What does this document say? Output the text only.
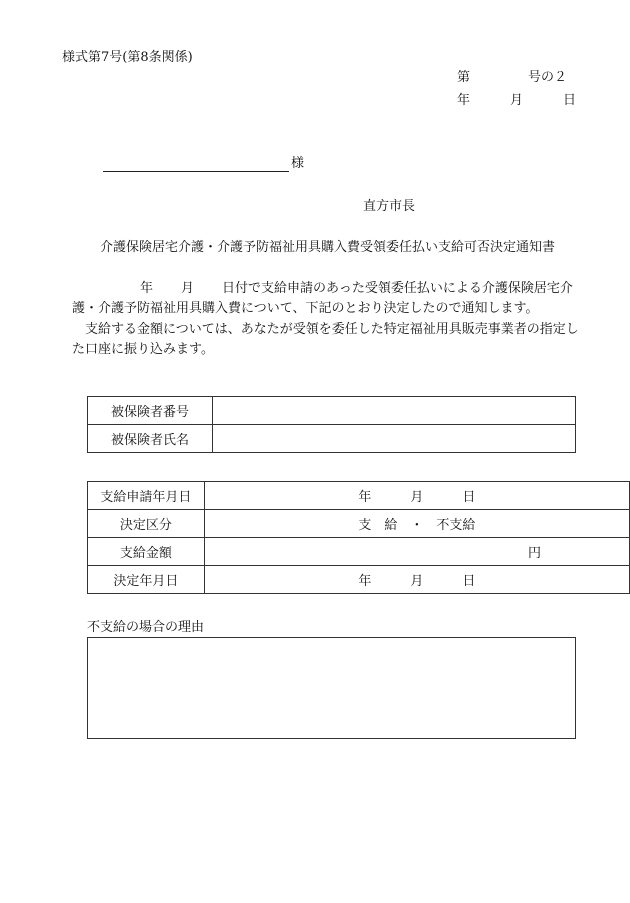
様式第7号(第8条関係)
第	号の２
年	月	日
様
直方市長
介護保険居宅介護・介護予防福祉用具購入費受領委任払い支給可否決定通知書
年 月 日付で支給申請のあった受領委任払いによる介護保険居宅介護・介護予防福祉用具購入費について、下記のとおり決定したので通知します。
支給する金額については、あなたが受領を委任した特定福祉用具販売事業者の指定した口座に振り込みます。
被保険者番号	
被保険者氏名	
支給申請年月日	年 月 日
決定区分	支　給　・　不支給
支給金額	円
決定年月日	年 月 日
不支給の場合の理由
